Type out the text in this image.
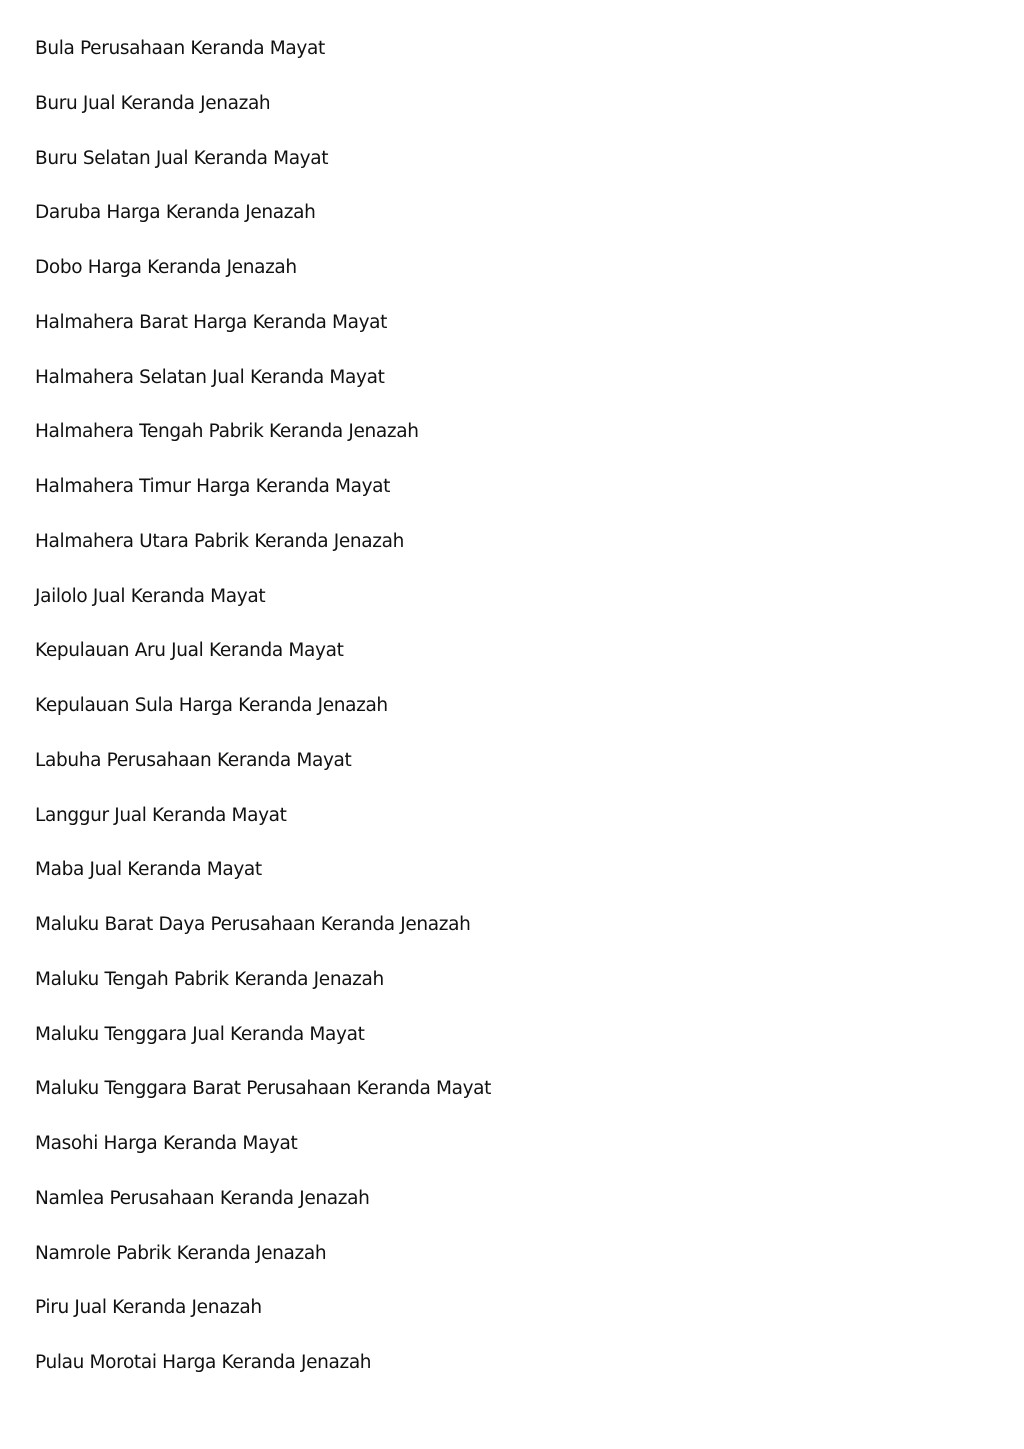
Bula Perusahaan Keranda Mayat
Buru Jual Keranda Jenazah
Buru Selatan Jual Keranda Mayat
Daruba Harga Keranda Jenazah
Dobo Harga Keranda Jenazah
Halmahera Barat Harga Keranda Mayat
Halmahera Selatan Jual Keranda Mayat
Halmahera Tengah Pabrik Keranda Jenazah
Halmahera Timur Harga Keranda Mayat
Halmahera Utara Pabrik Keranda Jenazah
Jailolo Jual Keranda Mayat
Kepulauan Aru Jual Keranda Mayat
Kepulauan Sula Harga Keranda Jenazah
Labuha Perusahaan Keranda Mayat
Langgur Jual Keranda Mayat
Maba Jual Keranda Mayat
Maluku Barat Daya Perusahaan Keranda Jenazah
Maluku Tengah Pabrik Keranda Jenazah
Maluku Tenggara Jual Keranda Mayat
Maluku Tenggara Barat Perusahaan Keranda Mayat
Masohi Harga Keranda Mayat
Namlea Perusahaan Keranda Jenazah
Namrole Pabrik Keranda Jenazah
Piru Jual Keranda Jenazah
Pulau Morotai Harga Keranda Jenazah
